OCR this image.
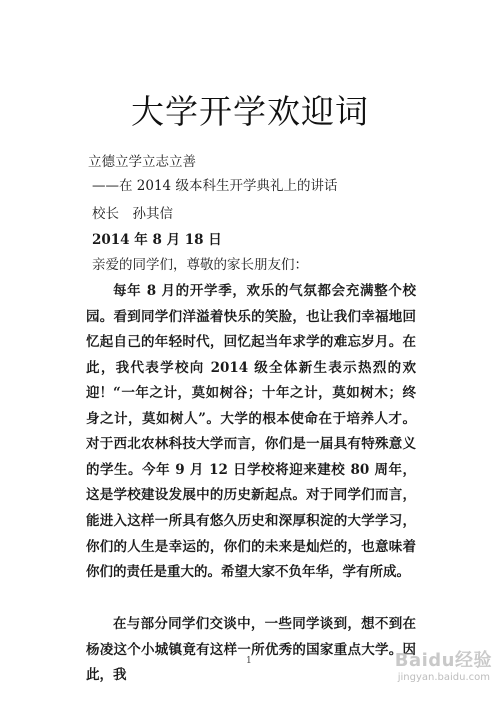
大学开学欢迎词
立德立学立志立善
——在 2014 级本科生开学典礼上的讲话
校长　孙其信
2014 年 8 月 18 日
亲爱的同学们，尊敬的家长朋友们：
每年 8 月的开学季，欢乐的气氛都会充满整个校园。看到同学们洋溢着快乐的笑脸，也让我们幸福地回忆起自己的年轻时代，回忆起当年求学的难忘岁月。在此，我代表学校向 2014 级全体新生表示热烈的欢迎！ “一年之计，莫如树谷；十年之计，莫如树木；终身之计，莫如树人”。大学的根本使命在于培养人才。对于西北农林科技大学而言，你们是一届具有特殊意义的学生。今年 9 月 12 日学校将迎来建校 80 周年，这是学校建设发展中的历史新起点。对于同学们而言，能进入这样一所具有悠久历史和深厚积淀的大学学习，你们的人生是幸运的，你们的未来是灿烂的，也意味着你们的责任是重大的。希望大家不负年华，学有所成。
在与部分同学们交谈中，一些同学谈到，想不到在杨凌这个小城镇竟有这样一所优秀的国家重点大学。因此，我
1	Baidu经验
jingyan.baidu.com
